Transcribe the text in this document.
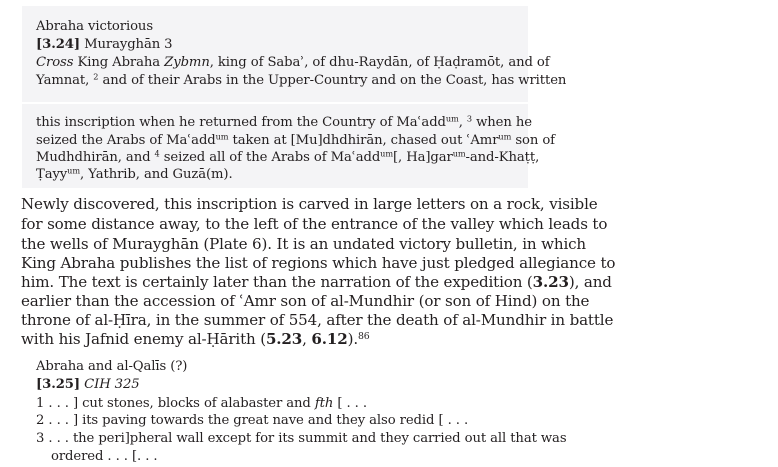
Abraha victorious
[3.24] Murayghān 3
Cross King Abraha Zybmn, king of Sabaʾ, of dhu-Raydān, of Ḥaḍramōt, and of
Yamnat, $^2$ and of their Arabs in the Upper-Country and on the Coast, has written
this inscription when he returned from the Country of Maʿadd$^{um}$, $^3$ when he
seized the Arabs of Maʿadd$^{um}$ taken at [Mu]dhdhirān, chased out ʿAmr$^{um}$ son of
Mudhdhirān, and $^4$ seized all of the Arabs of Maʿadd$^{um}$[, Ha]gar$^{um}$-and-Khaṭṭ,
Ṭayy$^{um}$, Yathrib, and Guzā(m).
Newly discovered, this inscription is carved in large letters on a rock, visible
for some distance away, to the left of the entrance of the valley which leads to
the wells of Murayghān (Plate 6). It is an undated victory bulletin, in which
King Abraha publishes the list of regions which have just pledged allegiance to
him. The text is certainly later than the narration of the expedition (3.23), and
earlier than the accession of ʿAmr son of al-Mundhir (or son of Hind) on the
throne of al-Ḥīra, in the summer of 554, after the death of al-Mundhir in battle
with his Jafnid enemy al-Ḥārith (5.23, 6.12).$^{86}$
Abraha and al-Qalīs (?)
[3.25] CIH 325
1 . . . ] cut stones, blocks of alabaster and fth [ . . .
2 . . . ] its paving towards the great nave and they also redid [ . . .
3 . . . the peri]pheral wall except for its summit and they carried out all that was
ordered . . . [. . .
